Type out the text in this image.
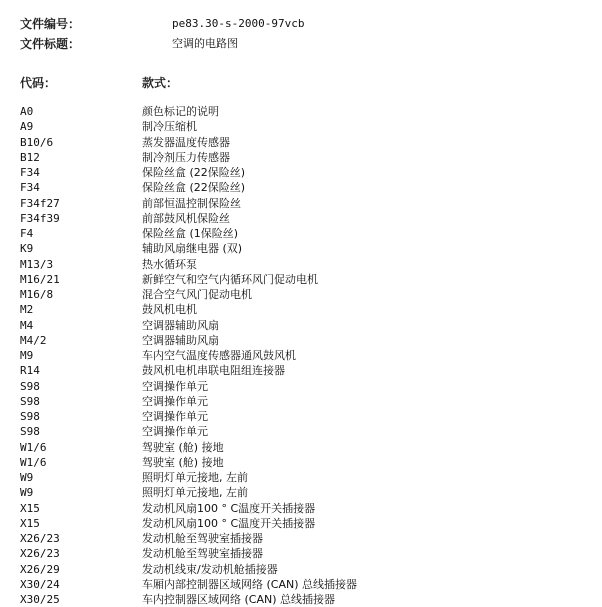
文件编号：	pe83.30-s-2000-97vcb
文件标题：	空调的电路图
代码：	款式：
A0	颜色标记的说明
A9	制冷压缩机
B10/6	蒸发器温度传感器
B12	制冷剂压力传感器
F34	保险丝盒 (22保险丝)
F34	保险丝盒 (22保险丝)
F34f27	前部恒温控制保险丝
F34f39	前部鼓风机保险丝
F4	保险丝盒 (1保险丝)
K9	辅助风扇继电器 (双)
M13/3	热水循环泵
M16/21	新鲜空气和空气内循环风门促动电机
M16/8	混合空气风门促动电机
M2	鼓风机电机
M4	空调器辅助风扇
M4/2	空调器辅助风扇
M9	车内空气温度传感器通风鼓风机
R14	鼓风机电机串联电阻组连接器
S98	空调操作单元
S98	空调操作单元
S98	空调操作单元
S98	空调操作单元
W1/6	驾驶室 (舱) 接地
W1/6	驾驶室 (舱) 接地
W9	照明灯单元接地, 左前
W9	照明灯单元接地, 左前
X15	发动机风扇100 ° C温度开关插接器
X15	发动机风扇100 ° C温度开关插接器
X26/23	发动机舱至驾驶室插接器
X26/23	发动机舱至驾驶室插接器
X26/29	发动机线束/发动机舱插接器
X30/24	车厢内部控制器区域网络 (CAN) 总线插接器
X30/25	车内控制器区域网络 (CAN) 总线插接器
